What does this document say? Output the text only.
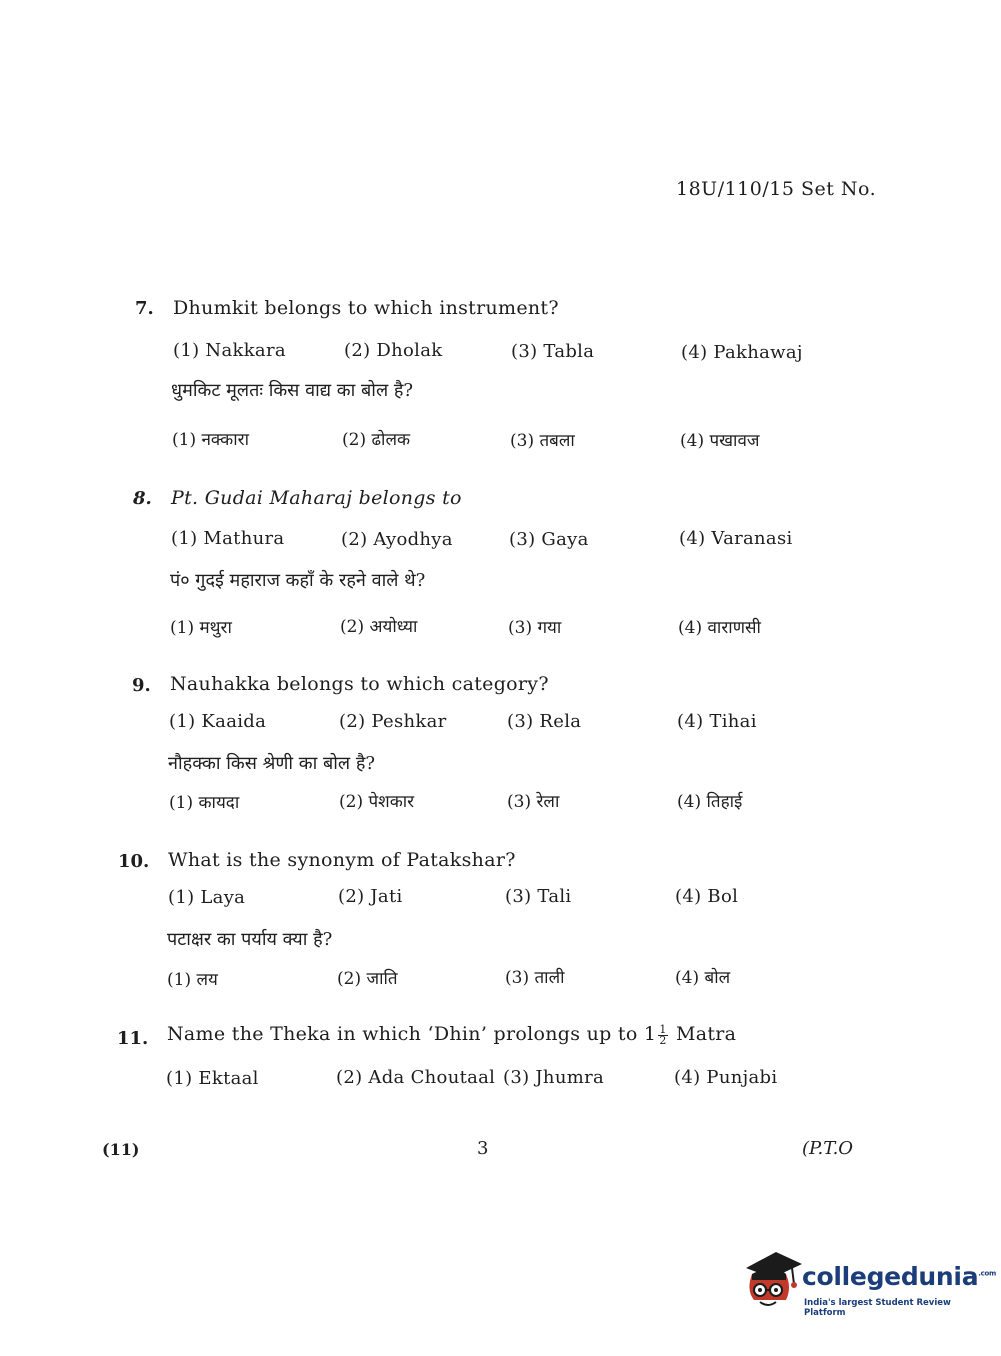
18U/110/15 Set No.
7. Dhumkit belongs to which instrument?
(1) Nakkara	(2) Dholak	(3) Tabla	(4) Pakhawaj
धुमकिट मूलतः किस वाद्य का बोल है?
(1) नक्कारा	(2) ढोलक	(3) तबला	(4) पखावज
8. Pt. Gudai Maharaj belongs to
(1) Mathura	(2) Ayodhya	(3) Gaya	(4) Varanasi
पं० गुदई महाराज कहाँ के रहने वाले थे?
(1) मथुरा	(2) अयोध्या	(3) गया	(4) वाराणसी
9. Nauhakka belongs to which category?
(1) Kaaida	(2) Peshkar	(3) Rela	(4) Tihai
नौहक्का किस श्रेणी का बोल है?
(1) कायदा	(2) पेशकार	(3) रेला	(4) तिहाई
10. What is the synonym of Patakshar?
(1) Laya	(2) Jati	(3) Tali	(4) Bol
पटाक्षर का पर्याय क्या है?
(1) लय	(2) जाति	(3) ताली	(4) बोल
11. Name the Theka in which ‘Dhin’ prolongs up to $1 \frac{1}{2}$ Matra
(1) Ektaal	(2) Ada Choutaal (3) Jhumra	(4) Punjabi
(11)	3	(P.T.O
collegedunia$^{.com}$
India's largest Student Review Platform
